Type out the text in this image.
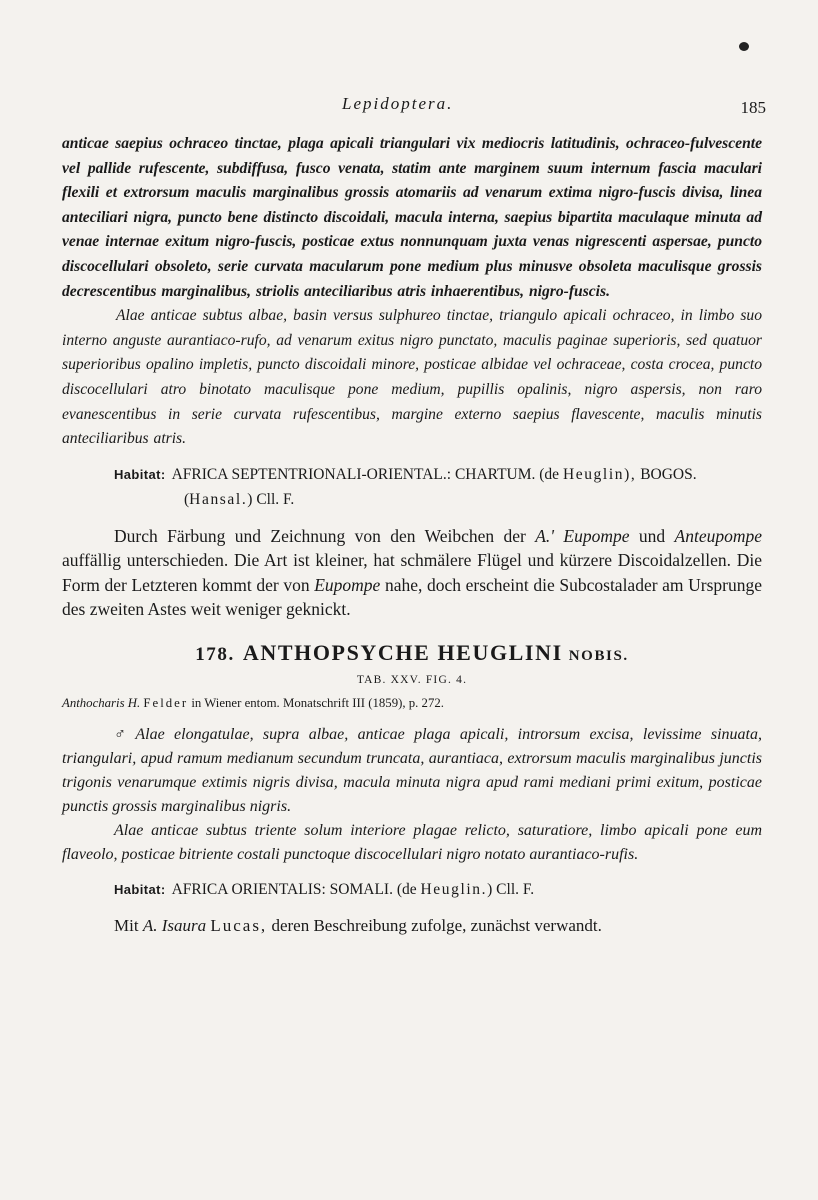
Lepidoptera.	185

anticae saepius ochraceo tinctae, plaga apicali triangulari vix mediocris latitudinis, ochraceo-fulvescente vel pallide rufescente, subdiffusa, fusco venata, statim ante marginem suum internum fascia maculari flexili et extrorsum maculis marginalibus grossis atomariis ad venarum extima nigro-fuscis divisa, linea anteciliari nigra, puncto bene distincto discoidali, macula interna, saepius bipartita maculaque minuta ad venae internae exitum nigro-fuscis, posticae extus nonnunquam juxta venas nigrescenti aspersae, puncto discocellulari obsoleto, serie curvata macularum pone medium plus minusve obsoleta maculisque grossis decrescentibus marginalibus, striolis anteciliaribus atris inhaerentibus, nigro-fuscis.

Alae anticae subtus albae, basin versus sulphureo tinctae, triangulo apicali ochraceo, in limbo suo interno anguste aurantiaco-rufo, ad venarum exitus nigro punctato, maculis paginae superioris, sed quatuor superioribus opalino impletis, puncto discoidali minore, posticae albidae vel ochraceae, costa crocea, puncto discocellulari atro binotato maculisque pone medium, pupillis opalinis, nigro aspersis, non raro evanescentibus in serie curvata rufescentibus, margine externo saepius flavescente, maculis minutis anteciliaribus atris.

Habitat: AFRICA SEPTENTRIONALI-ORIENTAL.: CHARTUM. (de Heuglin), BOGOS. (Hansal.) Cll. F.

Durch Färbung und Zeichnung von den Weibchen der A.' Eupompe und Anteupompe auffällig unterschieden. Die Art ist kleiner, hat schmälere Flügel und kürzere Discoidalzellen. Die Form der Letzteren kommt der von Eupompe nahe, doch erscheint die Subcostalader am Ursprunge des zweiten Astes weit weniger geknickt.

178. ANTHOPSYCHE HEUGLINI NOBIS.

TAB. XXV. FIG. 4.

Anthocharis H. Felder in Wiener entom. Monatschrift III (1859), p. 272.

♂ Alae elongatulae, supra albae, anticae plaga apicali, introrsum excisa, levissime sinuata, triangulari, apud ramum medianum secundum truncata, aurantiaca, extrorsum maculis marginalibus junctis trigonis venarumque extimis nigris divisa, macula minuta nigra apud rami mediani primi exitum, posticae punctis grossis marginalibus nigris.

Alae anticae subtus triente solum interiore plagae relicto, saturatiore, limbo apicali pone eum flaveolo, posticae bitriente costali punctoque discocellulari nigro notato aurantiaco-rufis.

Habitat: AFRICA ORIENTALIS: SOMALI. (de Heuglin.) Cll. F.

Mit A. Isaura Lucas, deren Beschreibung zufolge, zunächst verwandt.
